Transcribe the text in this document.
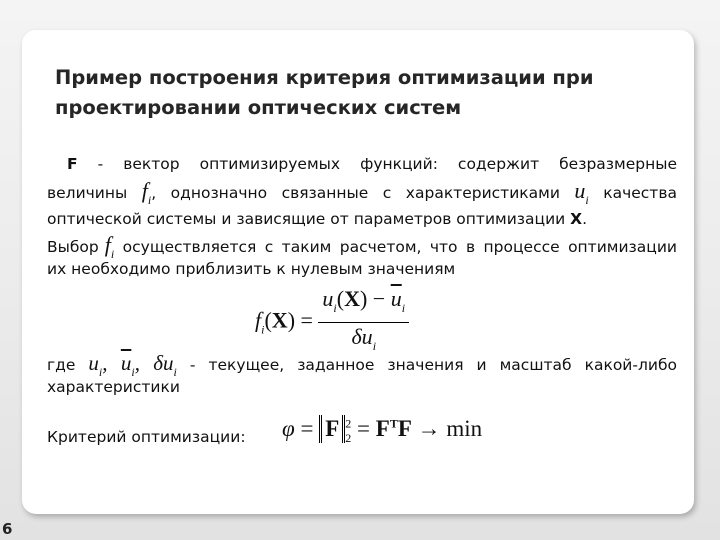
Пример построения критерия оптимизации при
проектировании оптических систем
F - вектор оптимизируемых функций: содержит безразмерные
величины $f_i$, однозначно связанные с характеристиками $u_i$ качества
оптической системы и зависящие от параметров оптимизации X.
Выбор $f_i$ осуществляется с таким расчетом, что в процессе оптимизации
их необходимо приблизить к нулевым значениям
$f_i(X) = \frac{u_i(X) - \overline{u}_i}{\delta u_i}$
где $u_i$, $\overline{u}_i$, $\delta u_i$ - текущее, заданное значения и масштаб какой-либо
характеристики
Критерий оптимизации: φ = F $^2_2 = F^TF \to \min$
6
